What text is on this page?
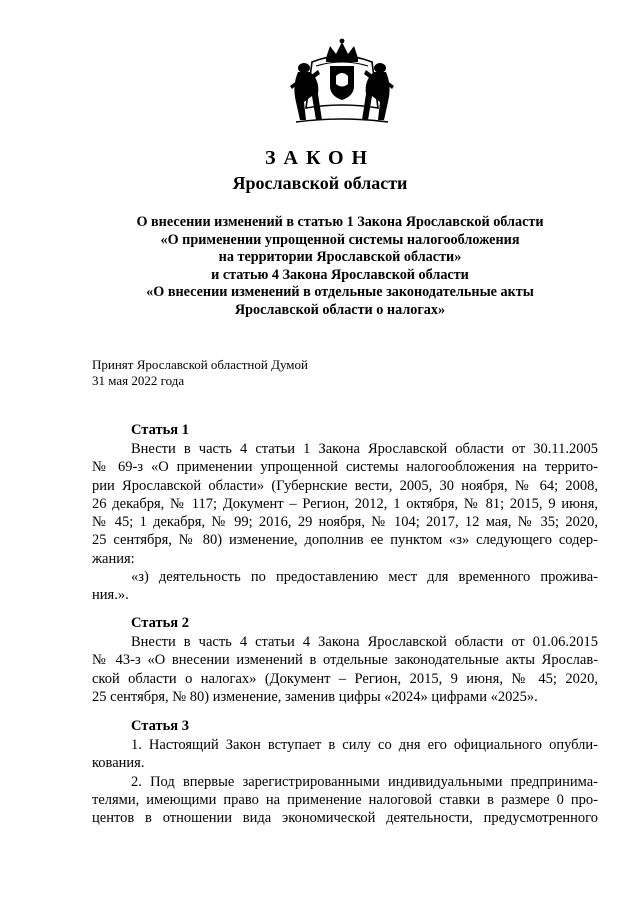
ЗАКОН
Ярославской области
О внесении изменений в статью 1 Закона Ярославской области
«О применении упрощенной системы налогообложения
на территории Ярославской области»
и статью 4 Закона Ярославской области
«О внесении изменений в отдельные законодательные акты
Ярославской области о налогах»
Принят Ярославской областной Думой
31 мая 2022 года
Статья 1
Внести в часть 4 статьи 1 Закона Ярославской области от 30.11.2005
№ 69-з «О применении упрощенной системы налогообложения на террито-
рии Ярославской области» (Губернские вести, 2005, 30 ноября, № 64; 2008,
26 декабря, № 117; Документ – Регион, 2012, 1 октября, № 81; 2015, 9 июня,
№ 45; 1 декабря, № 99; 2016, 29 ноября, № 104; 2017, 12 мая, № 35; 2020,
25 сентября, № 80) изменение, дополнив ее пунктом «з» следующего содер-
жания:
«з) деятельность по предоставлению мест для временного прожива-
ния.».
Статья 2
Внести в часть 4 статьи 4 Закона Ярославской области от 01.06.2015
№ 43-з «О внесении изменений в отдельные законодательные акты Ярослав-
ской области о налогах» (Документ – Регион, 2015, 9 июня, № 45; 2020,
25 сентября, № 80) изменение, заменив цифры «2024» цифрами «2025».
Статья 3
1. Настоящий Закон вступает в силу со дня его официального опубли-
кования.
2. Под впервые зарегистрированными индивидуальными предпринима-
телями, имеющими право на применение налоговой ставки в размере 0 про-
центов в отношении вида экономической деятельности, предусмотренного
